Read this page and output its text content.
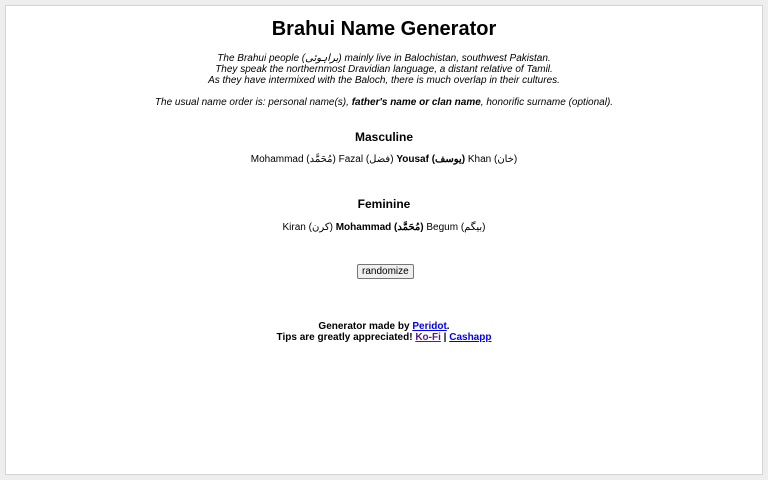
Brahui Name Generator
The Brahui people (براہوئی) mainly live in Balochistan, southwest Pakistan.
They speak the northernmost Dravidian language, a distant relative of Tamil.
As they have intermixed with the Baloch, there is much overlap in their cultures.
The usual name order is: personal name(s), father's name or clan name, honorific surname (optional).
Masculine
Mohammad (مُحَمَّد) Fazal (فضل) Yousaf (یوسف) Khan (خان)
Feminine
Kiran (کرن) Mohammad (مُحَمَّد) Begum (بیگم)
randomize
Generator made by Peridot.
Tips are greatly appreciated! Ko-Fi | Cashapp
